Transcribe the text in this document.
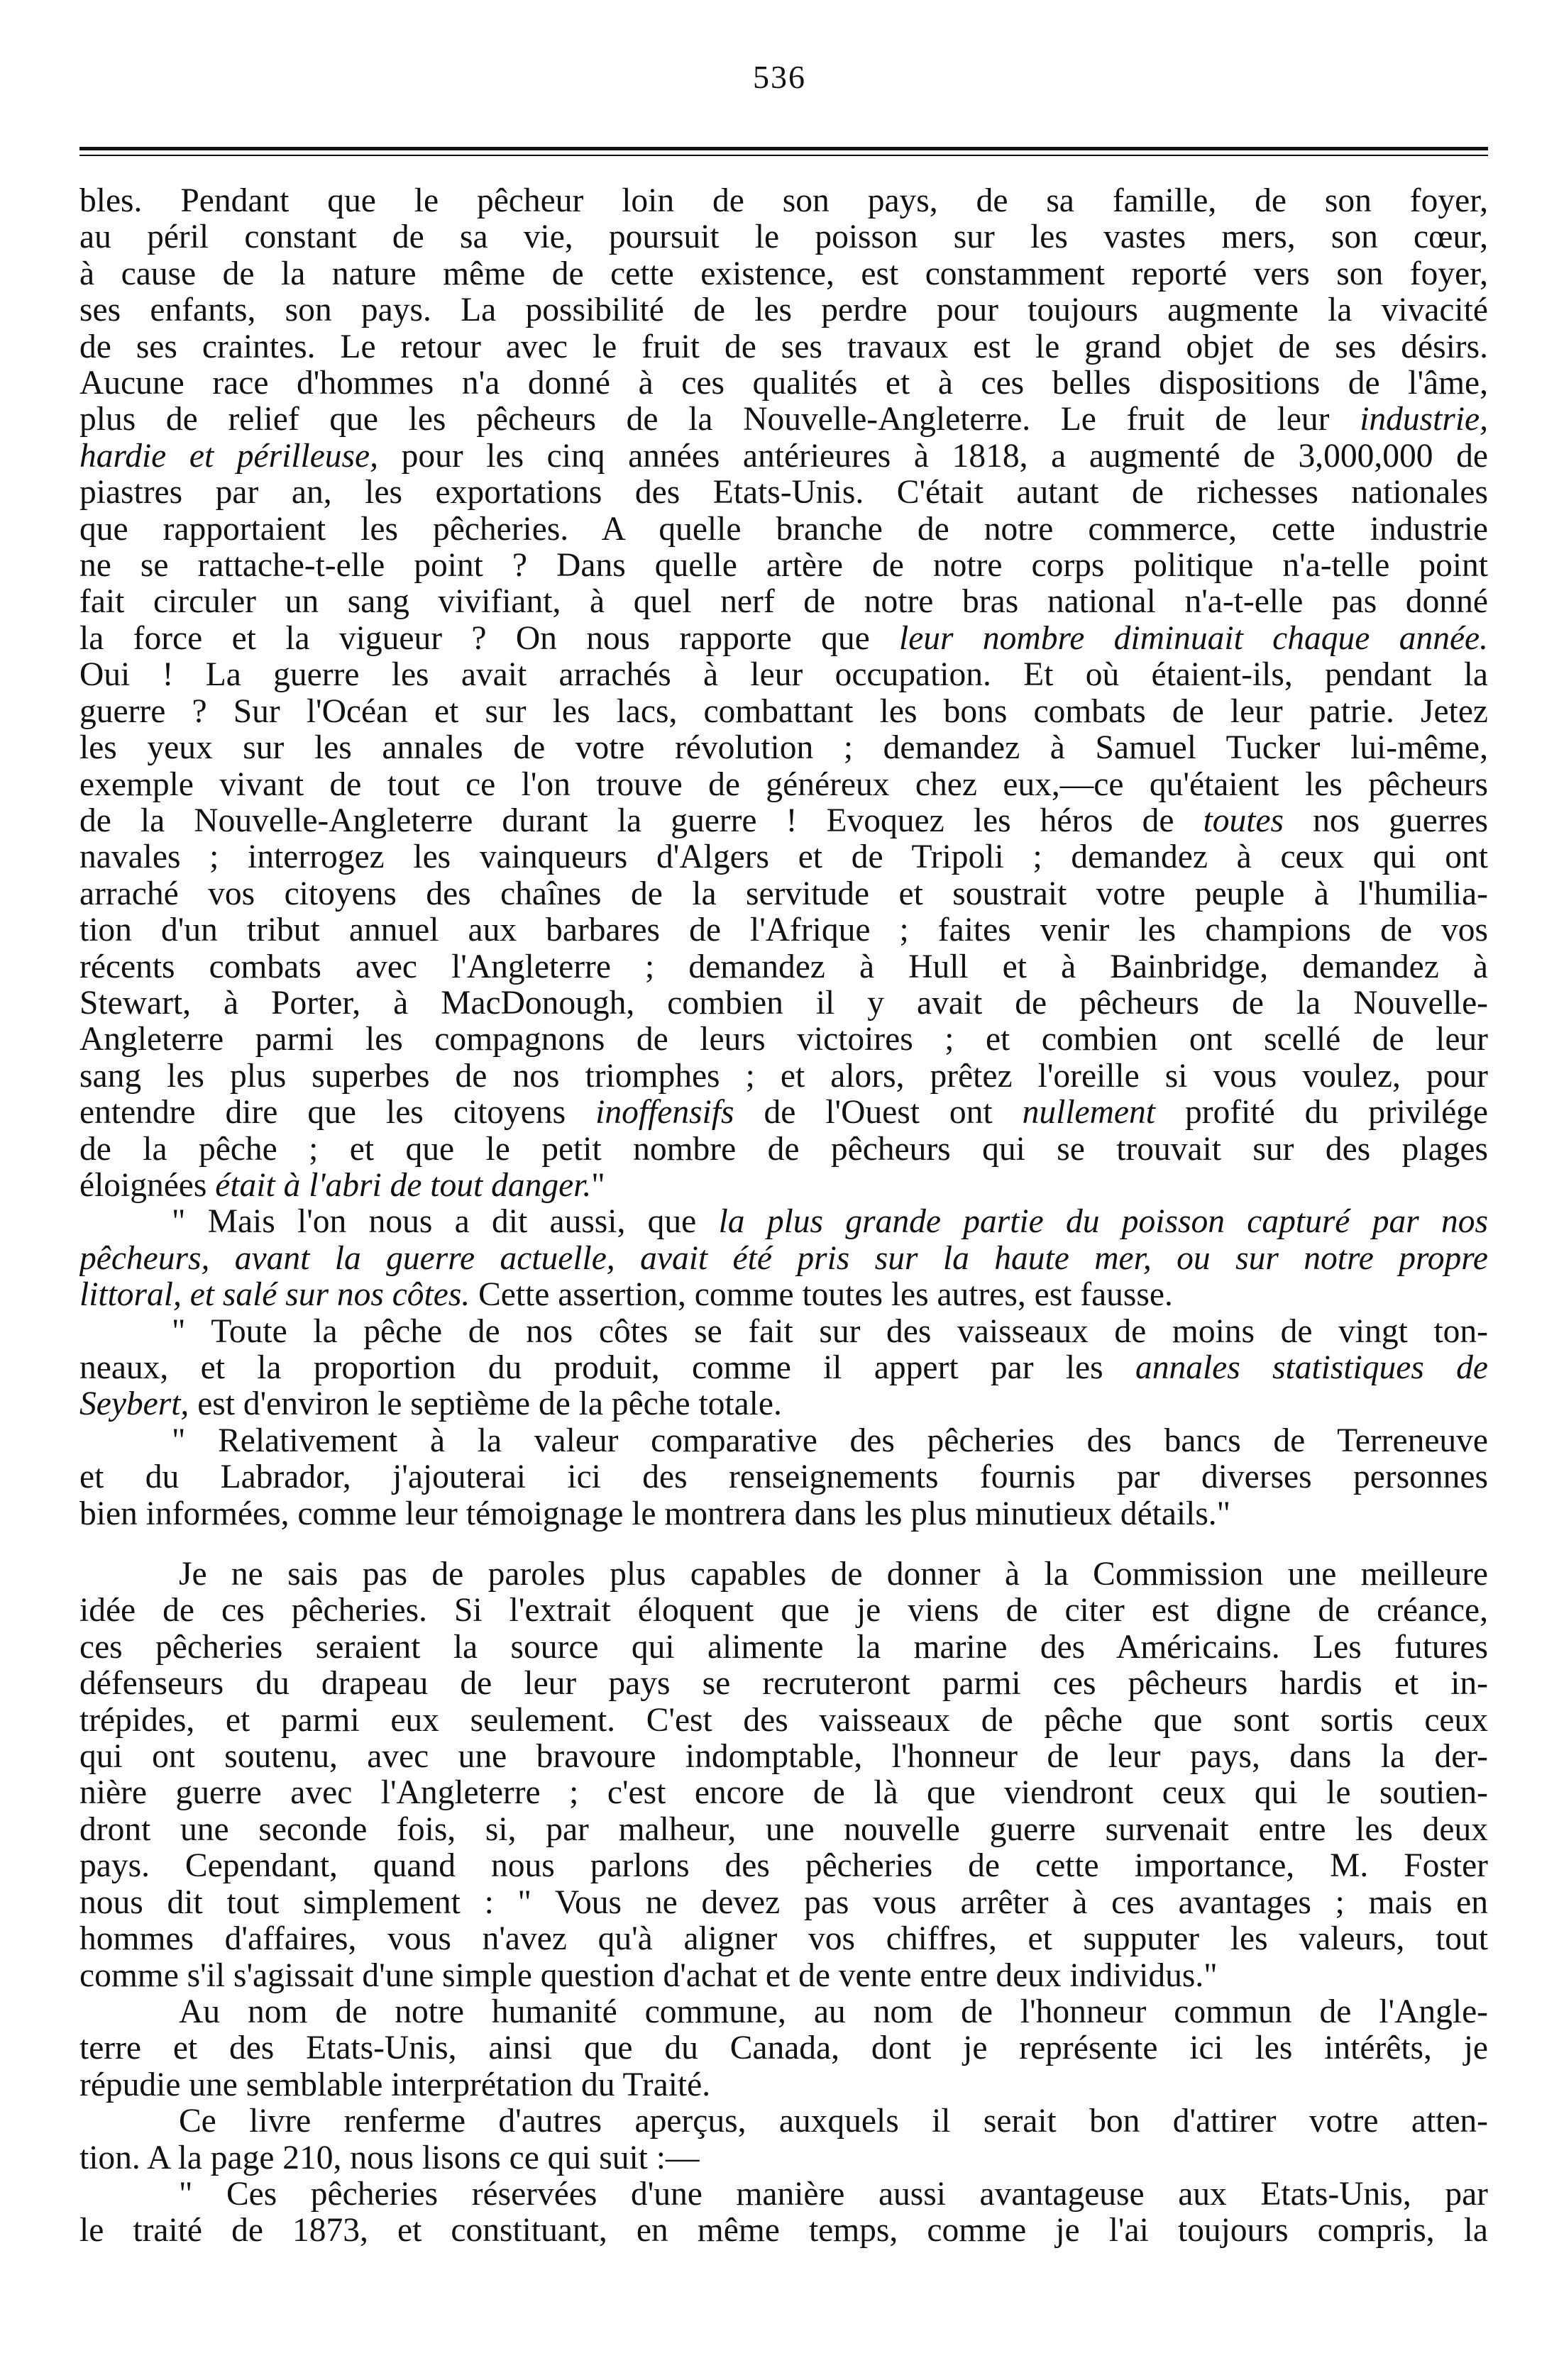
536
bles. Pendant que le pêcheur loin de son pays, de sa famille, de son foyer,
au péril constant de sa vie, poursuit le poisson sur les vastes mers, son cœur,
à cause de la nature même de cette existence, est constamment reporté vers son foyer,
ses enfants, son pays. La possibilité de les perdre pour toujours augmente la vivacité
de ses craintes. Le retour avec le fruit de ses travaux est le grand objet de ses désirs.
Aucune race d'hommes n'a donné à ces qualités et à ces belles dispositions de l'âme,
plus de relief que les pêcheurs de la Nouvelle-Angleterre. Le fruit de leur industrie,
hardie et périlleuse, pour les cinq années antérieures à 1818, a augmenté de 3,000,000 de
piastres par an, les exportations des Etats-Unis. C'était autant de richesses nationales
que rapportaient les pêcheries. A quelle branche de notre commerce, cette industrie
ne se rattache-t-elle point ? Dans quelle artère de notre corps politique n'a-telle point
fait circuler un sang vivifiant, à quel nerf de notre bras national n'a-t-elle pas donné
la force et la vigueur ? On nous rapporte que leur nombre diminuait chaque année.
Oui ! La guerre les avait arrachés à leur occupation. Et où étaient-ils, pendant la
guerre ? Sur l'Océan et sur les lacs, combattant les bons combats de leur patrie. Jetez
les yeux sur les annales de votre révolution ; demandez à Samuel Tucker lui-même,
exemple vivant de tout ce l'on trouve de généreux chez eux,—ce qu'étaient les pêcheurs
de la Nouvelle-Angleterre durant la guerre ! Evoquez les héros de toutes nos guerres
navales ; interrogez les vainqueurs d'Algers et de Tripoli ; demandez à ceux qui ont
arraché vos citoyens des chaînes de la servitude et soustrait votre peuple à l'humilia-
tion d'un tribut annuel aux barbares de l'Afrique ; faites venir les champions de vos
récents combats avec l'Angleterre ; demandez à Hull et à Bainbridge, demandez à
Stewart, à Porter, à MacDonough, combien il y avait de pêcheurs de la Nouvelle-
Angleterre parmi les compagnons de leurs victoires ; et combien ont scellé de leur
sang les plus superbes de nos triomphes ; et alors, prêtez l'oreille si vous voulez, pour
entendre dire que les citoyens inoffensifs de l'Ouest ont nullement profité du privilége
de la pêche ; et que le petit nombre de pêcheurs qui se trouvait sur des plages
éloignées était à l'abri de tout danger."
" Mais l'on nous a dit aussi, que la plus grande partie du poisson capturé par nos
pêcheurs, avant la guerre actuelle, avait été pris sur la haute mer, ou sur notre propre
littoral, et salé sur nos côtes. Cette assertion, comme toutes les autres, est fausse.
" Toute la pêche de nos côtes se fait sur des vaisseaux de moins de vingt ton-
neaux, et la proportion du produit, comme il appert par les annales statistiques de
Seybert, est d'environ le septième de la pêche totale.
" Relativement à la valeur comparative des pêcheries des bancs de Terreneuve
et du Labrador, j'ajouterai ici des renseignements fournis par diverses personnes
bien informées, comme leur témoignage le montrera dans les plus minutieux détails."
Je ne sais pas de paroles plus capables de donner à la Commission une meilleure
idée de ces pêcheries. Si l'extrait éloquent que je viens de citer est digne de créance,
ces pêcheries seraient la source qui alimente la marine des Américains. Les futures
défenseurs du drapeau de leur pays se recruteront parmi ces pêcheurs hardis et in-
trépides, et parmi eux seulement. C'est des vaisseaux de pêche que sont sortis ceux
qui ont soutenu, avec une bravoure indomptable, l'honneur de leur pays, dans la der-
nière guerre avec l'Angleterre ; c'est encore de là que viendront ceux qui le soutien-
dront une seconde fois, si, par malheur, une nouvelle guerre survenait entre les deux
pays. Cependant, quand nous parlons des pêcheries de cette importance, M. Foster
nous dit tout simplement : " Vous ne devez pas vous arrêter à ces avantages ; mais en
hommes d'affaires, vous n'avez qu'à aligner vos chiffres, et supputer les valeurs, tout
comme s'il s'agissait d'une simple question d'achat et de vente entre deux individus."
Au nom de notre humanité commune, au nom de l'honneur commun de l'Angle-
terre et des Etats-Unis, ainsi que du Canada, dont je représente ici les intérêts, je
répudie une semblable interprétation du Traité.
Ce livre renferme d'autres aperçus, auxquels il serait bon d'attirer votre atten-
tion. A la page 210, nous lisons ce qui suit :—
" Ces pêcheries réservées d'une manière aussi avantageuse aux Etats-Unis, par
le traité de 1873, et constituant, en même temps, comme je l'ai toujours compris, la
